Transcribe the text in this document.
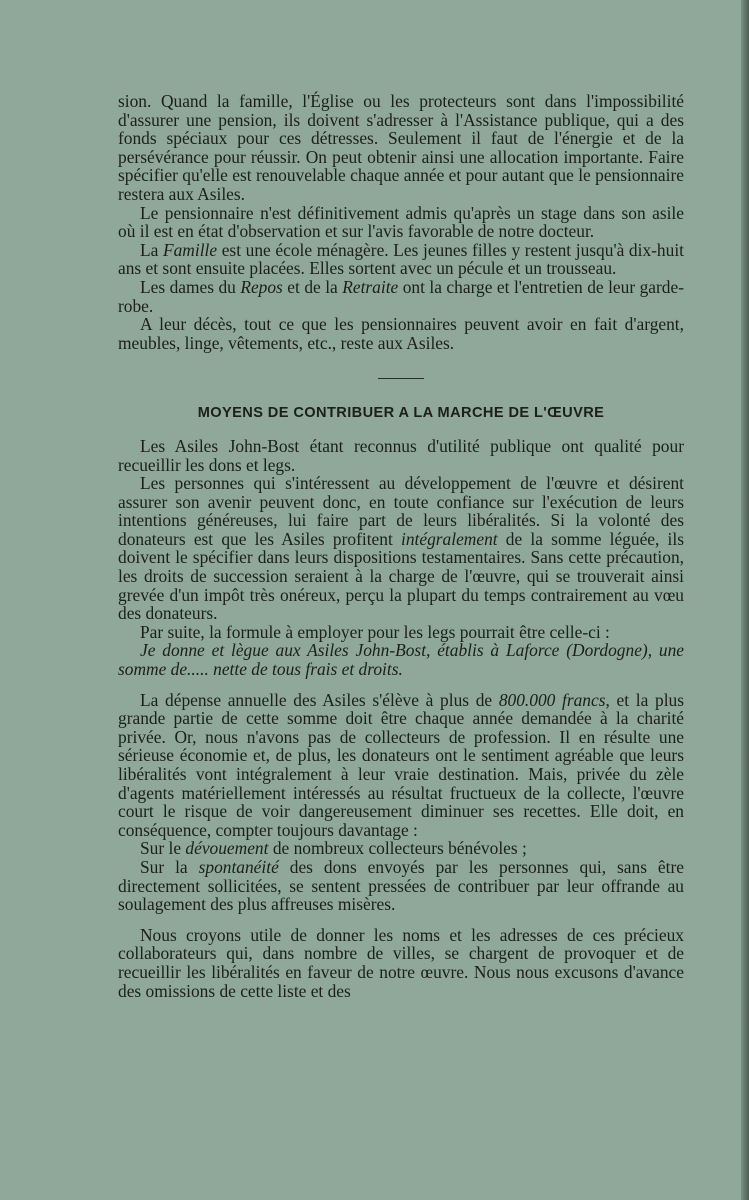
sion. Quand la famille, l'Église ou les protecteurs sont dans l'impossibilité d'assurer une pension, ils doivent s'adresser à l'Assistance publique, qui a des fonds spéciaux pour ces détresses. Seulement il faut de l'énergie et de la persévérance pour réussir. On peut obtenir ainsi une allocation importante. Faire spécifier qu'elle est renouvelable chaque année et pour autant que le pensionnaire restera aux Asiles.

Le pensionnaire n'est définitivement admis qu'après un stage dans son asile où il est en état d'observation et sur l'avis favorable de notre docteur.

La Famille est une école ménagère. Les jeunes filles y restent jusqu'à dix-huit ans et sont ensuite placées. Elles sortent avec un pécule et un trousseau.

Les dames du Repos et de la Retraite ont la charge et l'entretien de leur garde-robe.

A leur décès, tout ce que les pensionnaires peuvent avoir en fait d'argent, meubles, linge, vêtements, etc., reste aux Asiles.

MOYENS DE CONTRIBUER A LA MARCHE DE L'ŒUVRE

Les Asiles John-Bost étant reconnus d'utilité publique ont qualité pour recueillir les dons et legs.

Les personnes qui s'intéressent au développement de l'œuvre et désirent assurer son avenir peuvent donc, en toute confiance sur l'exécution de leurs intentions généreuses, lui faire part de leurs libéralités. Si la volonté des donateurs est que les Asiles profitent intégralement de la somme léguée, ils doivent le spécifier dans leurs dispositions testamentaires. Sans cette précaution, les droits de succession seraient à la charge de l'œuvre, qui se trouverait ainsi grevée d'un impôt très onéreux, perçu la plupart du temps contrairement au vœu des donateurs.

Par suite, la formule à employer pour les legs pourrait être celle-ci :

Je donne et lègue aux Asiles John-Bost, établis à Laforce (Dordogne), une somme de..... nette de tous frais et droits.

La dépense annuelle des Asiles s'élève à plus de 800.000 francs, et la plus grande partie de cette somme doit être chaque année demandée à la charité privée. Or, nous n'avons pas de collecteurs de profession. Il en résulte une sérieuse économie et, de plus, les donateurs ont le sentiment agréable que leurs libéralités vont intégralement à leur vraie destination. Mais, privée du zèle d'agents matériellement intéressés au résultat fructueux de la collecte, l'œuvre court le risque de voir dangereusement diminuer ses recettes. Elle doit, en conséquence, compter toujours davantage :

Sur le dévouement de nombreux collecteurs bénévoles ;

Sur la spontanéité des dons envoyés par les personnes qui, sans être directement sollicitées, se sentent pressées de contribuer par leur offrande au soulagement des plus affreuses misères.

Nous croyons utile de donner les noms et les adresses de ces précieux collaborateurs qui, dans nombre de villes, se chargent de provoquer et de recueillir les libéralités en faveur de notre œuvre. Nous nous excusons d'avance des omissions de cette liste et des
